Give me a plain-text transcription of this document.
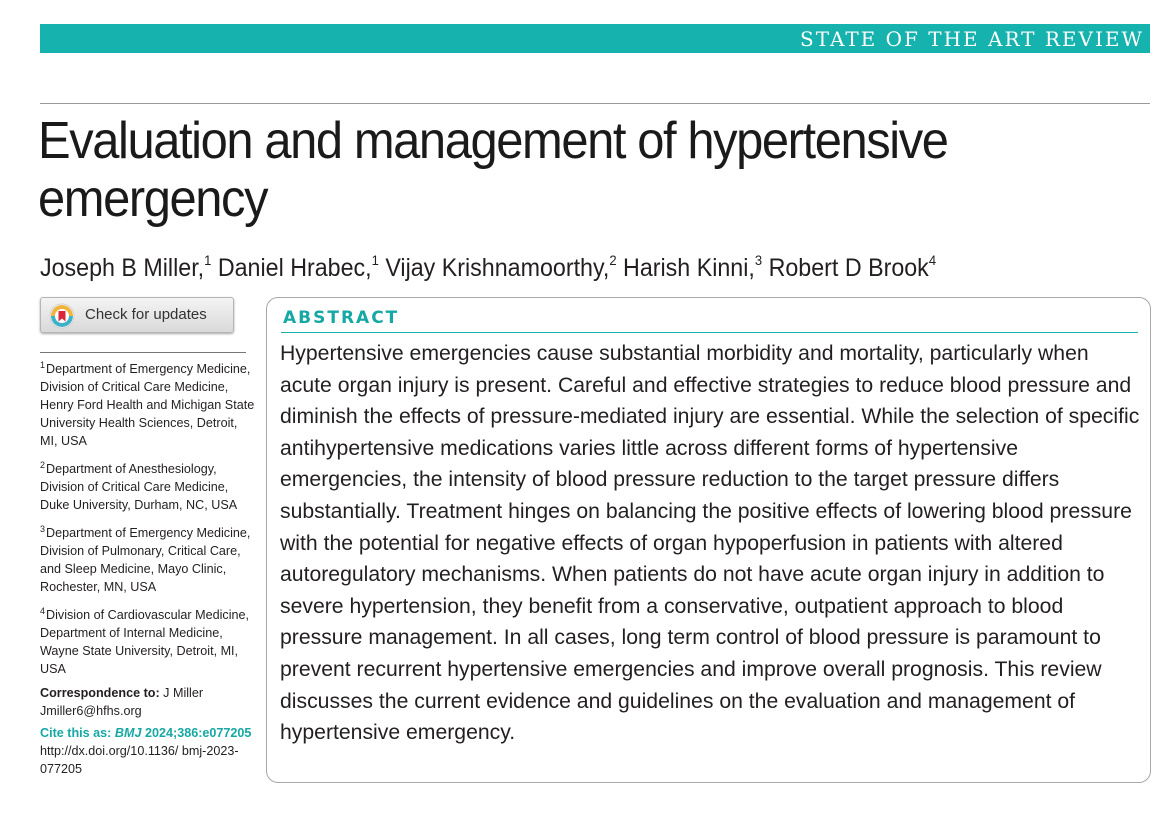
STATE OF THE ART REVIEW
Evaluation and management of hypertensive emergency
Joseph B Miller,$^1$ Daniel Hrabec,$^1$ Vijay Krishnamoorthy,$^2$ Harish Kinni,$^3$ Robert D Brook$^4$
Check for updates
$^1$Department of Emergency Medicine, Division of Critical Care Medicine, Henry Ford Health and Michigan State University Health Sciences, Detroit, MI, USA
$^2$Department of Anesthesiology, Division of Critical Care Medicine, Duke University, Durham, NC, USA
$^3$Department of Emergency Medicine, Division of Pulmonary, Critical Care, and Sleep Medicine, Mayo Clinic, Rochester, MN, USA
$^4$Division of Cardiovascular Medicine, Department of Internal Medicine, Wayne State University, Detroit, MI, USA
Correspondence to: J Miller
Jmiller6@hfhs.org
Cite this as: BMJ 2024;386:e077205
http://dx.doi.org/10.1136/ bmj-2023-077205
ABSTRACT

Hypertensive emergencies cause substantial morbidity and mortality, particularly when acute organ injury is present. Careful and effective strategies to reduce blood pressure and diminish the effects of pressure-mediated injury are essential. While the selection of specific antihypertensive medications varies little across different forms of hypertensive emergencies, the intensity of blood pressure reduction to the target pressure differs substantially. Treatment hinges on balancing the positive effects of lowering blood pressure with the potential for negative effects of organ hypoperfusion in patients with altered autoregulatory mechanisms. When patients do not have acute organ injury in addition to severe hypertension, they benefit from a conservative, outpatient approach to blood pressure management. In all cases, long term control of blood pressure is paramount to prevent recurrent hypertensive emergencies and improve overall prognosis. This review discusses the current evidence and guidelines on the evaluation and management of hypertensive emergency.
